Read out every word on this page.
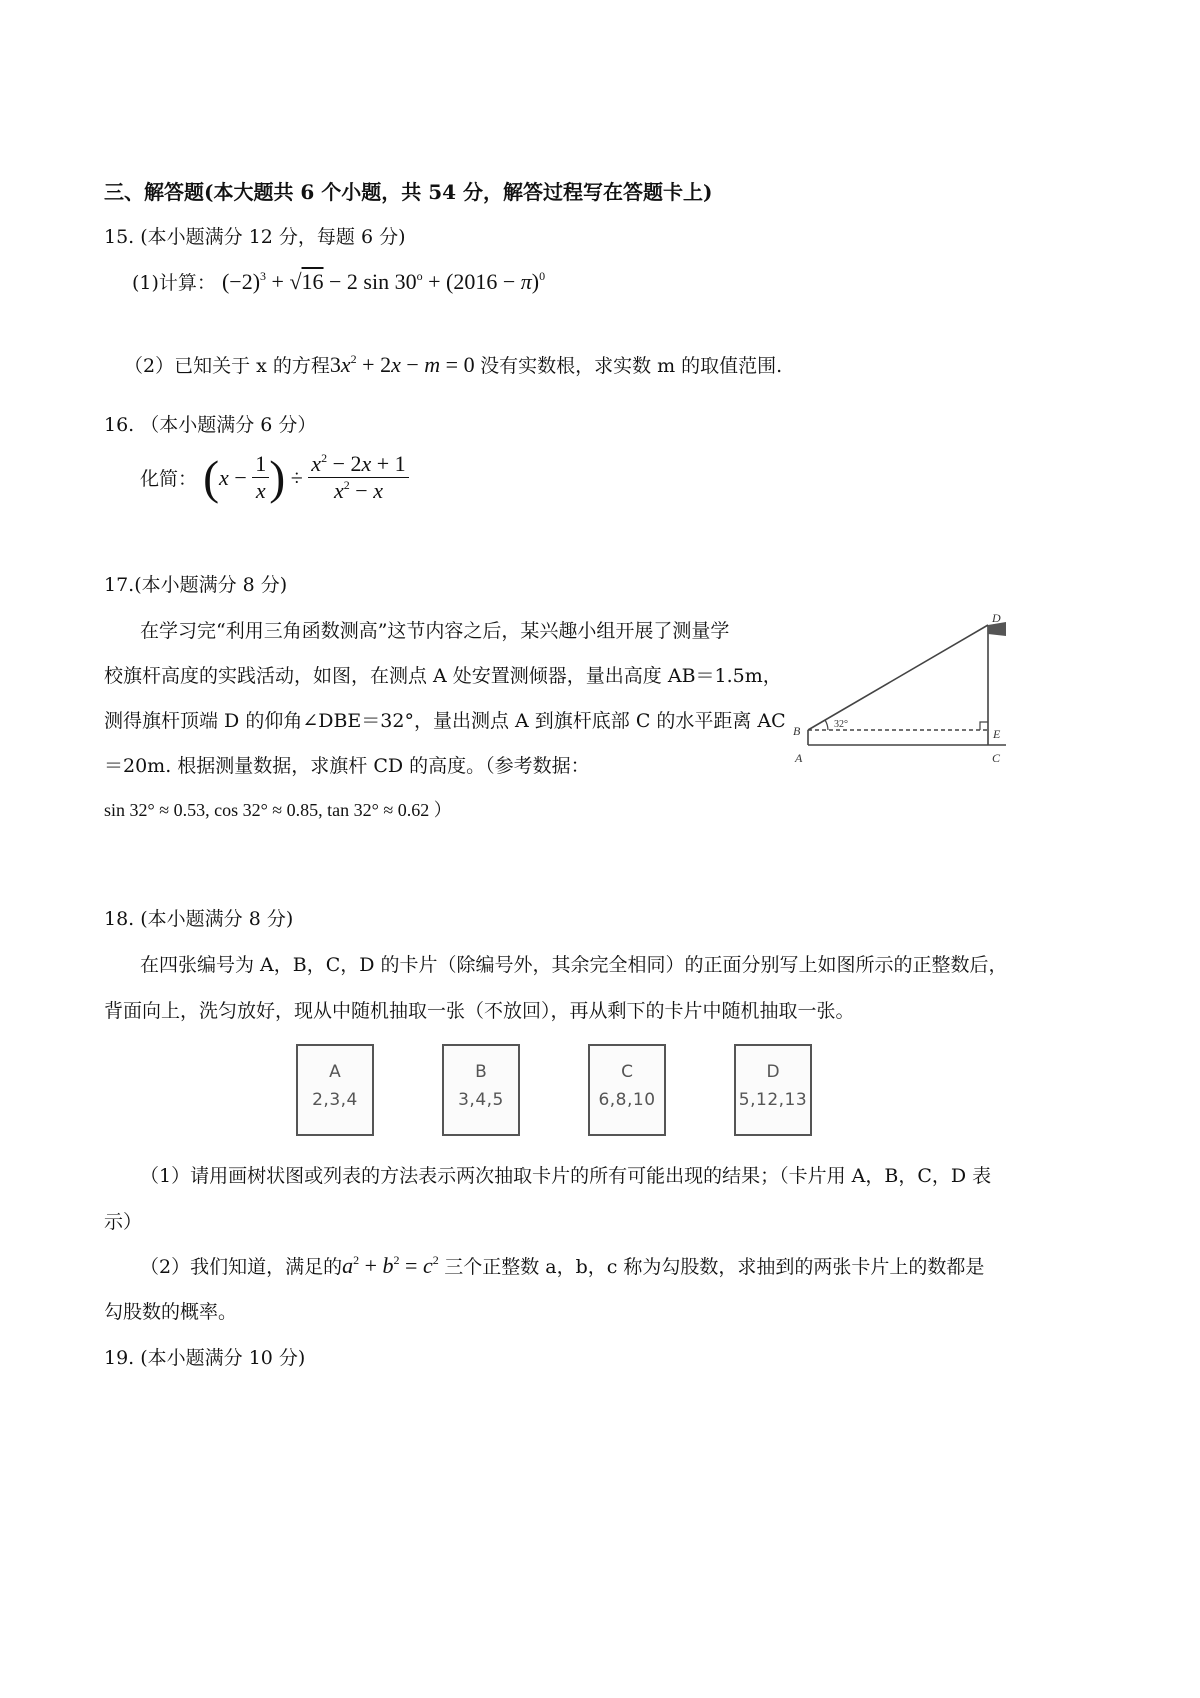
三、解答题(本大题共 6 个小题，共 54 分，解答过程写在答题卡上)
15. (本小题满分 12 分，每题 6 分)
(1)计算： $(-2)^3 + √16 - 2$ $\sin 30^o + (2016 - \pi)^0$
（2）已知关于 x 的方程$3x^2 + 2x - m = 0$ 没有实数根，求实数 m 的取值范围.
16. （本小题满分 6 分）
化简： ($x - \frac{1}{x}$ ) ÷ $\frac{x^2 - 2x + 1}{x^2 - x}$
17.(本小题满分 8 分)
在学习完“利用三角函数测高”这节内容之后，某兴趣小组开展了测量学
校旗杆高度的实践活动，如图，在测点 A 处安置测倾器，量出高度 AB＝1.5m，
测得旗杆顶端 D 的仰角∠DBE＝32°，量出测点 A 到旗杆底部 C 的水平距离 AC
＝20m. 根据测量数据，求旗杆 CD 的高度。（参考数据：
sin 32° ≈ 0.53, cos 32° ≈ 0.85, tan 32° ≈ 0.62 ）
B
A
D
E
C
32°
18. (本小题满分 8 分)
在四张编号为 A，B，C，D 的卡片（除编号外，其余完全相同）的正面分别写上如图所示的正整数后，
背面向上，洗匀放好，现从中随机抽取一张（不放回），再从剩下的卡片中随机抽取一张。
A
2,3,4
B
3,4,5
C
6,8,10
D
5,12,13
（1）请用画树状图或列表的方法表示两次抽取卡片的所有可能出现的结果；（卡片用 A，B，C，D 表
示）
（2）我们知道，满足的$a^2 + b^2 = c^2$ 三个正整数 a，b，c 称为勾股数，求抽到的两张卡片上的数都是
勾股数的概率。
19. (本小题满分 10 分)
